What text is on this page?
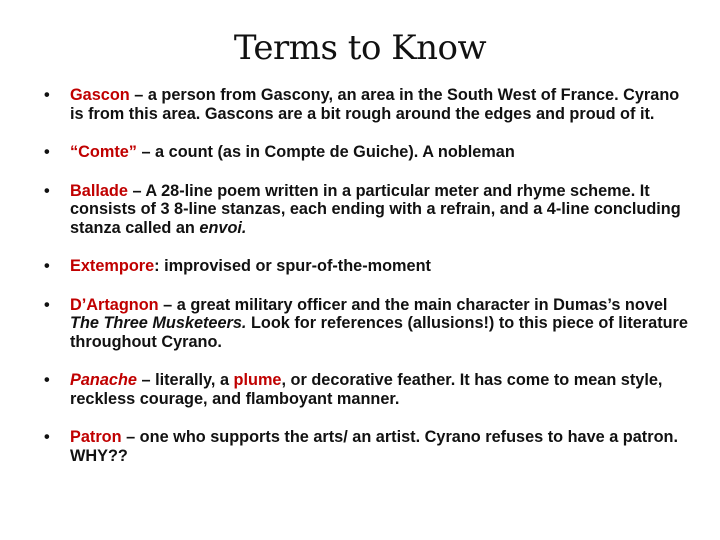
Terms to Know
• Gascon – a person from Gascony, an area in the South West of France. Cyrano is from this area. Gascons are a bit rough around the edges and proud of it.
• “Comte” – a count (as in Compte de Guiche). A nobleman
• Ballade – A 28-line poem written in a particular meter and rhyme scheme. It consists of 3 8-line stanzas, each ending with a refrain, and a 4-line concluding stanza called an envoi.
• Extempore: improvised or spur-of-the-moment
• D’Artagnon – a great military officer and the main character in Dumas’s novel The Three Musketeers. Look for references (allusions!) to this piece of literature throughout Cyrano.
• Panache – literally, a plume, or decorative feather. It has come to mean style, reckless courage, and flamboyant manner.
• Patron – one who supports the arts/ an artist. Cyrano refuses to have a patron. WHY??
